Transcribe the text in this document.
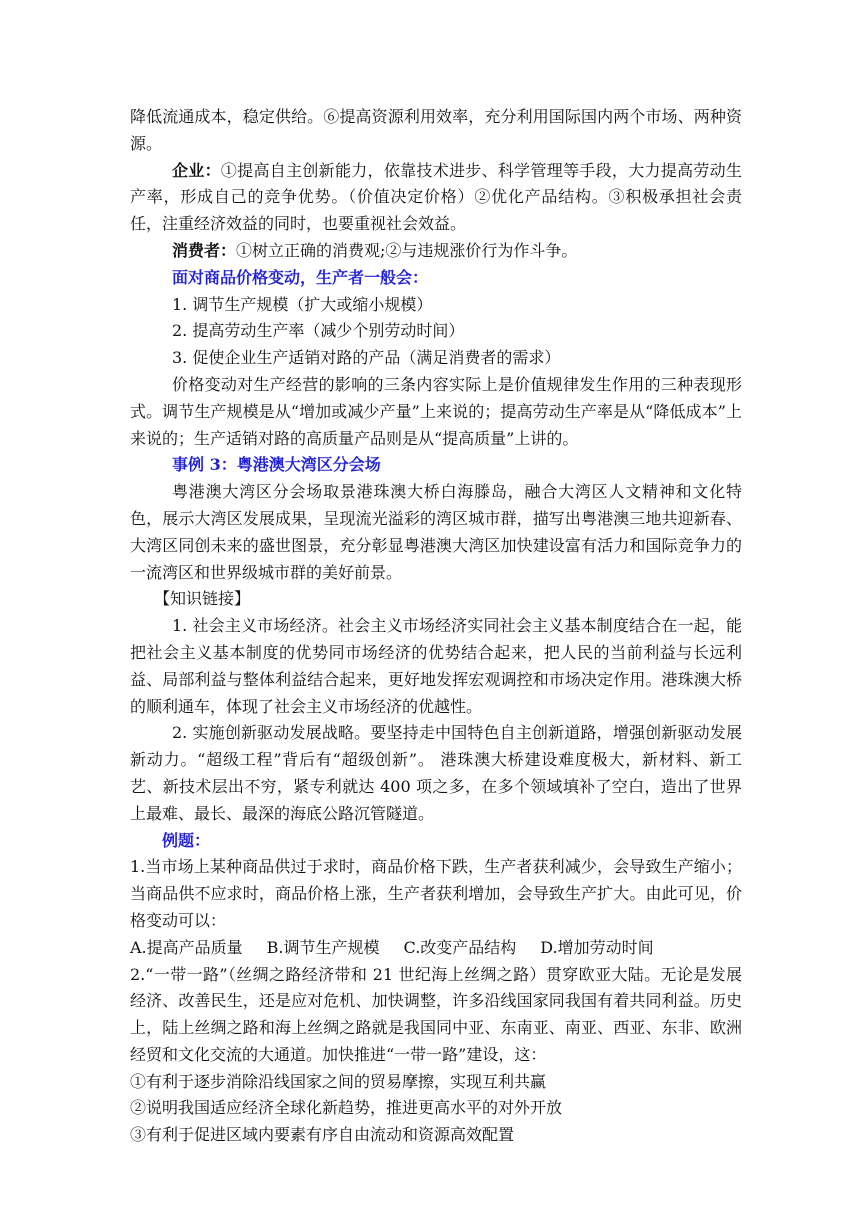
降低流通成本，稳定供给。⑥提高资源利用效率，充分利用国际国内两个市场、两种资源。

企业：①提高自主创新能力，依靠技术进步、科学管理等手段，大力提高劳动生产率，形成自己的竞争优势。（价值决定价格）②优化产品结构。③积极承担社会责任，注重经济效益的同时，也要重视社会效益。

消费者：①树立正确的消费观;②与违规涨价行为作斗争。

面对商品价格变动，生产者一般会：

1. 调节生产规模（扩大或缩小规模）

2. 提高劳动生产率（减少个别劳动时间）

3. 促使企业生产适销对路的产品（满足消费者的需求）

价格变动对生产经营的影响的三条内容实际上是价值规律发生作用的三种表现形式。调节生产规模是从“增加或减少产量”上来说的；提高劳动生产率是从“降低成本”上来说的；生产适销对路的高质量产品则是从“提高质量”上讲的。

事例 3：粤港澳大湾区分会场

粤港澳大湾区分会场取景港珠澳大桥白海滕岛，融合大湾区人文精神和文化特色，展示大湾区发展成果，呈现流光溢彩的湾区城市群，描写出粤港澳三地共迎新春、大湾区同创未来的盛世图景，充分彰显粤港澳大湾区加快建设富有活力和国际竞争力的一流湾区和世界级城市群的美好前景。

【知识链接】

1. 社会主义市场经济。社会主义市场经济实同社会主义基本制度结合在一起，能把社会主义基本制度的优势同市场经济的优势结合起来，把人民的当前利益与长远利益、局部利益与整体利益结合起来，更好地发挥宏观调控和市场决定作用。港珠澳大桥的顺利通车，体现了社会主义市场经济的优越性。

2. 实施创新驱动发展战略。要坚持走中国特色自主创新道路，增强创新驱动发展新动力。“超级工程”背后有“超级创新”。 港珠澳大桥建设难度极大，新材料、新工艺、新技术层出不穷，紧专利就达 400 项之多，在多个领域填补了空白，造出了世界上最难、最长、最深的海底公路沉管隧道。

例题：

1.当市场上某种商品供过于求时，商品价格下跌，生产者获利减少，会导致生产缩小；当商品供不应求时，商品价格上涨，生产者获利增加，会导致生产扩大。由此可见，价格变动可以：

A.提高产品质量 B.调节生产规模 C.改变产品结构 D.增加劳动时间

2.“一带一路”（丝绸之路经济带和 21 世纪海上丝绸之路）贯穿欧亚大陆。无论是发展经济、改善民生，还是应对危机、加快调整，许多沿线国家同我国有着共同利益。历史上，陆上丝绸之路和海上丝绸之路就是我国同中亚、东南亚、南亚、西亚、东非、欧洲经贸和文化交流的大通道。加快推进“一带一路”建设，这：

①有利于逐步消除沿线国家之间的贸易摩擦，实现互利共赢

②说明我国适应经济全球化新趋势，推进更高水平的对外开放

③有利于促进区域内要素有序自由流动和资源高效配置
